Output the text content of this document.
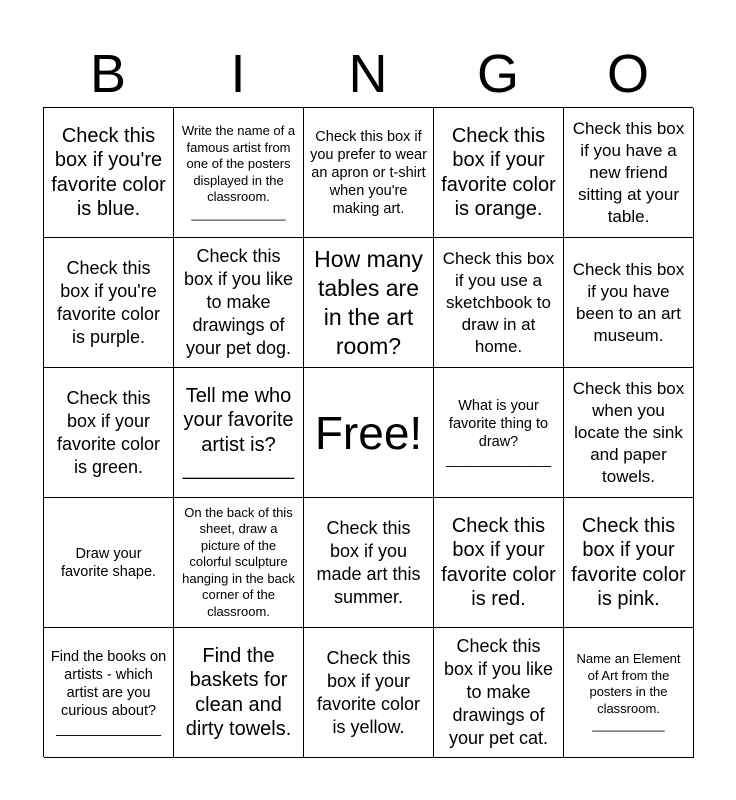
B	I	N	G	O
Check this box if you're favorite color is blue.
Write the name of a famous artist from one of the posters displayed in the classroom.
_____________
Check this box if you prefer to wear an apron or t-shirt when you're making art.
Check this box if your favorite color is orange.
Check this box if you have a new friend sitting at your table.
Check this box if you're favorite color is purple.
Check this box if you like to make drawings of your pet dog.
How many tables are in the art room?
Check this box if you use a sketchbook to draw in at home.
Check this box if you have been to an art museum.
Check this box if your favorite color is green.
Tell me who your favorite artist is?
__________
Free!
What is your favorite thing to draw?
_____________
Check this box when you locate the sink and paper towels.
Draw your favorite shape.

On the back of this sheet, draw a picture of the colorful sculpture hanging in the back corner of the classroom.
Check this box if you made art this summer.
Check this box if your favorite color is red.
Check this box if your favorite color is pink.
Find the books on artists - which artist are you curious about?
_____________
Find the baskets for clean and dirty towels.
Check this box if your favorite color is yellow.
Check this box if you like to make drawings of your pet cat.
Name an Element of Art from the posters in the classroom.
__________
